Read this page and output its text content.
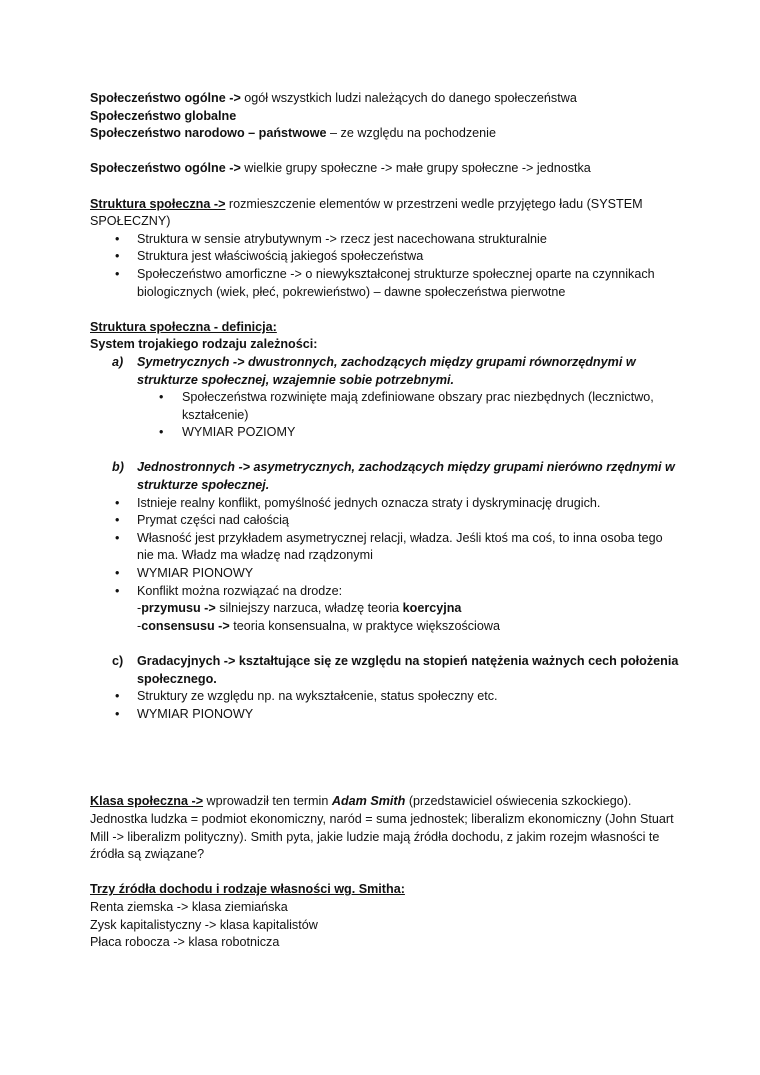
Społeczeństwo ogólne -> ogół wszystkich ludzi należących do danego społeczeństwa

Społeczeństwo globalne

Społeczeństwo narodowo – państwowe – ze względu na pochodzenie

Społeczeństwo ogólne -> wielkie grupy społeczne -> małe grupy społeczne -> jednostka

Struktura społeczna -> rozmieszczenie elementów w przestrzeni wedle przyjętego ładu (SYSTEM SPOŁECZNY)

• Struktura w sensie atrybutywnym -> rzecz jest nacechowana strukturalnie

• Struktura jest właściwością jakiegoś społeczeństwa

• Społeczeństwo amorficzne -> o niewykształconej strukturze społecznej oparte na czynnikach biologicznych (wiek, płeć, pokrewieństwo) – dawne społeczeństwa pierwotne

Struktura społeczna - definicja:

System trojakiego rodzaju zależności:

a) Symetrycznych -> dwustronnych, zachodzących między grupami równorzędnymi w strukturze społecznej, wzajemnie sobie potrzebnymi.

• Społeczeństwa rozwinięte mają zdefiniowane obszary prac niezbędnych (lecznictwo, kształcenie)

• WYMIAR POZIOMY

b) Jednostronnych -> asymetrycznych, zachodzących między grupami nierówno rzędnymi w strukturze społecznej.

• Istnieje realny konflikt, pomyślność jednych oznacza straty i dyskryminację drugich.

• Prymat części nad całością

• Własność jest przykładem asymetrycznej relacji, władza. Jeśli ktoś ma coś, to inna osoba tego nie ma. Władz ma władzę nad rządzonymi

• WYMIAR PIONOWY

• Konflikt można rozwiązać na drodze:

-przymusu -> silniejszy narzuca, władzę teoria koercyjna

-consensusu -> teoria konsensualna, w praktyce większościowa

c) Gradacyjnych -> kształtujące się ze względu na stopień natężenia ważnych cech położenia społecznego.

• Struktury ze względu np. na wykształcenie, status społeczny etc.

• WYMIAR PIONOWY

Klasa społeczna -> wprowadził ten termin Adam Smith (przedstawiciel oświecenia szkockiego). Jednostka ludzka = podmiot ekonomiczny, naród = suma jednostek; liberalizm ekonomiczny (John Stuart Mill -> liberalizm polityczny). Smith pyta, jakie ludzie mają źródła dochodu, z jakim rozejm własności te źródła są związane?

Trzy źródła dochodu i rodzaje własności wg. Smitha:

Renta ziemska -> klasa ziemiańska

Zysk kapitalistyczny -> klasa kapitalistów

Płaca robocza -> klasa robotnicza
